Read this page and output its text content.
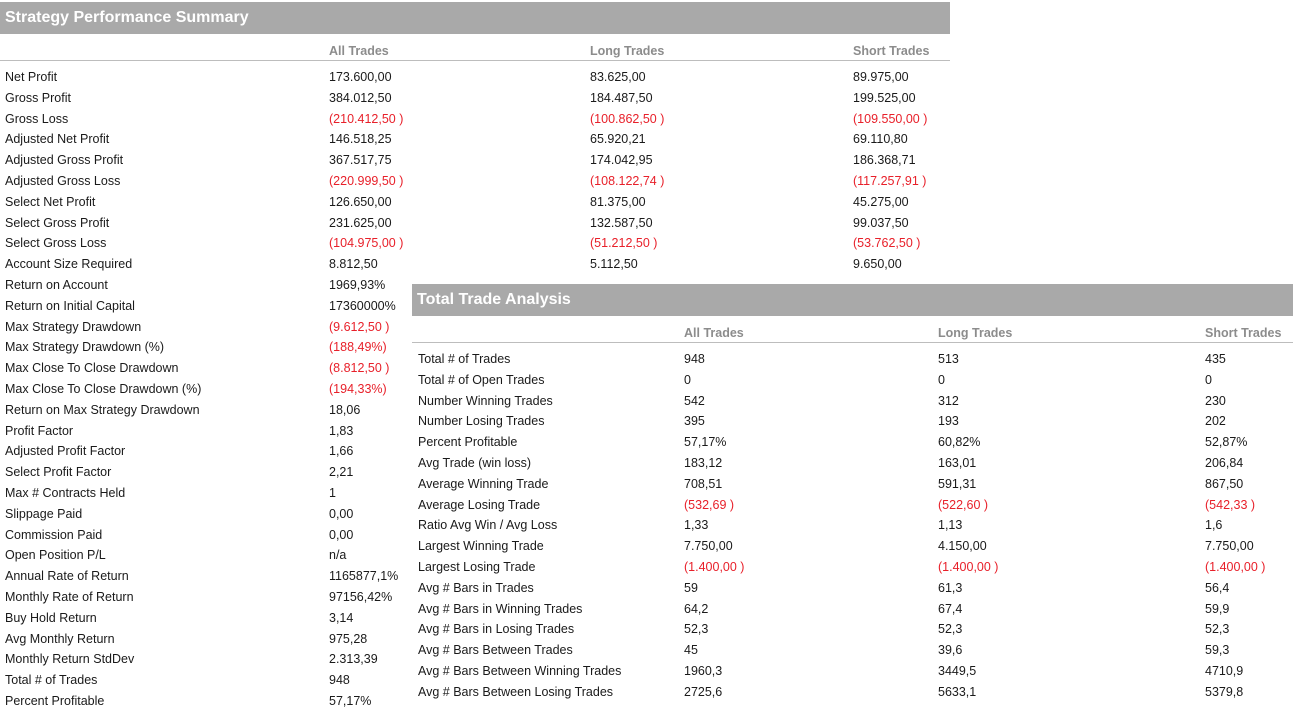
Strategy Performance Summary
All Trades	Long Trades	Short Trades
Net Profit	173.600,00	83.625,00	89.975,00
Gross Profit	384.012,50	184.487,50	199.525,00
Gross Loss	(210.412,50 )	(100.862,50 )	(109.550,00 )
Adjusted Net Profit	146.518,25	65.920,21	69.110,80
Adjusted Gross Profit	367.517,75	174.042,95	186.368,71
Adjusted Gross Loss	(220.999,50 )	(108.122,74 )	(117.257,91 )
Select Net Profit	126.650,00	81.375,00	45.275,00
Select Gross Profit	231.625,00	132.587,50	99.037,50
Select Gross Loss	(104.975,00 )	(51.212,50 )	(53.762,50 )
Account Size Required	8.812,50	5.112,50	9.650,00
Return on Account	1969,93%
Return on Initial Capital	17360000%
Max Strategy Drawdown	(9.612,50 )
Max Strategy Drawdown (%)	(188,49%)
Max Close To Close Drawdown	(8.812,50 )
Max Close To Close Drawdown (%)	(194,33%)
Return on Max Strategy Drawdown	18,06
Profit Factor	1,83
Adjusted Profit Factor	1,66
Select Profit Factor	2,21
Max # Contracts Held	1
Slippage Paid	0,00
Commission Paid	0,00
Open Position P/L	n/a
Annual Rate of Return	1165877,1%
Monthly Rate of Return	97156,42%
Buy Hold Return	3,14
Avg Monthly Return	975,28
Monthly Return StdDev	2.313,39
Total # of Trades	948
Percent Profitable	57,17%
Total Trade Analysis
All Trades	Long Trades	Short Trades
Total # of Trades	948	513	435
Total # of Open Trades	0	0	0
Number Winning Trades	542	312	230
Number Losing Trades	395	193	202
Percent Profitable	57,17%	60,82%	52,87%
Avg Trade (win loss)	183,12	163,01	206,84
Average Winning Trade	708,51	591,31	867,50
Average Losing Trade	(532,69 )	(522,60 )	(542,33 )
Ratio Avg Win / Avg Loss	1,33	1,13	1,6
Largest Winning Trade	7.750,00	4.150,00	7.750,00
Largest Losing Trade	(1.400,00 )	(1.400,00 )	(1.400,00 )
Avg # Bars in Trades	59	61,3	56,4
Avg # Bars in Winning Trades	64,2	67,4	59,9
Avg # Bars in Losing Trades	52,3	52,3	52,3
Avg # Bars Between Trades	45	39,6	59,3
Avg # Bars Between Winning Trades	1960,3	3449,5	4710,9
Avg # Bars Between Losing Trades	2725,6	5633,1	5379,8
